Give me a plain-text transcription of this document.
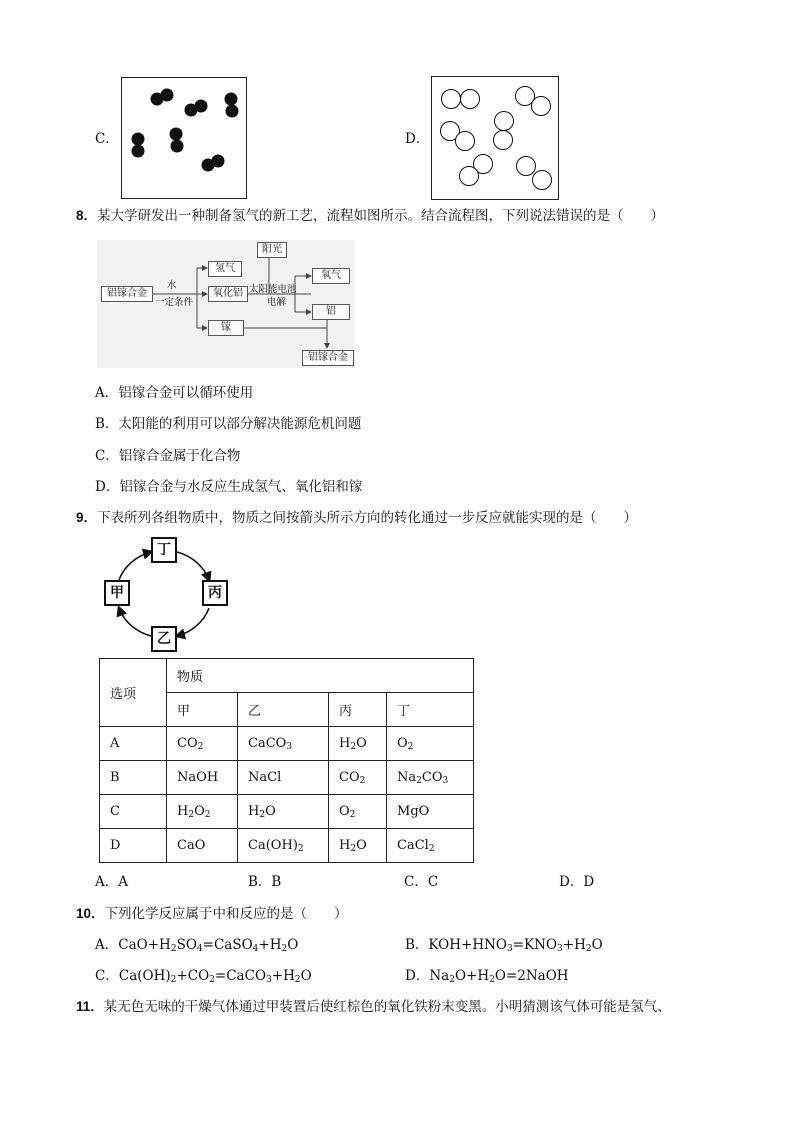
C．	D．
8．某大学研发出一种制备氢气的新工艺，流程如图所示。结合流程图，下列说法错误的是（　　）
铝镓合金
水
一定条件
氢气
氧化铝
镓
阳光
太阳能电池
电解
氧气
铝
铝镓合金
A．铝镓合金可以循环使用
B．太阳能的利用可以部分解决能源危机问题
C．铝镓合金属于化合物
D．铝镓合金与水反应生成氢气、氧化铝和镓
9．下表所列各组物质中，物质之间按箭头所示方向的转化通过一步反应就能实现的是（　　）
丁
丙
乙
甲
选项	物质			
	甲	乙	丙	丁
A	$CO_2$	CaCO$_3$	$H_2O$	$O_2$
B	NaOH	NaCl	$CO_2$	$Na_2CO_3$
C	$H_2O_2$	$H_2O$	$O_2$	MgO
D	CaO	$Ca(OH)_2$	$H_2O$	CaCl$_2$
A．A	B．B	C．C	D．D
10．下列化学反应属于中和反应的是（　　）
A．$CaO+H_2SO_4=CaSO_4+H_2O$	B．$KOH+HNO_3=KNO_3+H_2O$
C．$Ca(OH)_2+CO_2=CaCO_3+H_2O$	D．$Na_2O+H_2O=2NaOH$
11．某无色无味的干燥气体通过甲装置后使红棕色的氧化铁粉末变黑。小明猜测该气体可能是氢气、
